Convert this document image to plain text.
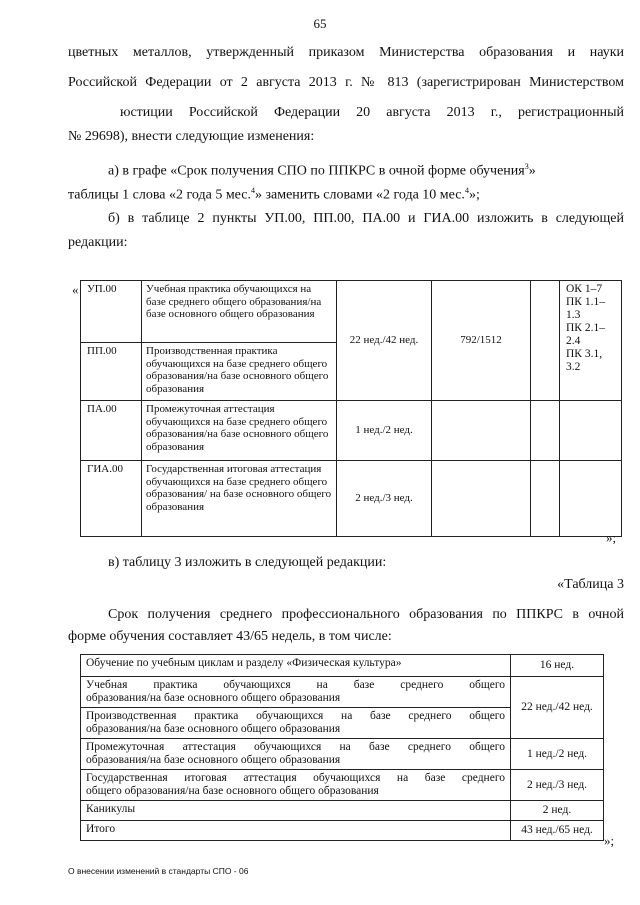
65
цветных металлов, утвержденный приказом Министерства образования и науки
Российской Федерации от 2 августа 2013 г. № 813 (зарегистрирован Министерством
юстиции Российской Федерации 20 августа 2013 г., регистрационный
№ 29698), внести следующие изменения:
а) в графе «Срок получения СПО по ППКРС в очной форме обучения$^3$»
таблицы 1 слова «2 года 5 мес.$^4$» заменить словами «2 года 10 мес.$^4$»;
б) в таблице 2 пункты УП.00, ПП.00, ПА.00 и ГИА.00 изложить в следующей
редакции:
« УП.00	Учебная практика обучающихся на базе среднего общего образования/на базе основного общего образования	22 нед./42 нед.	792/1512		ОК 1–7
ПК 1.1–1.3
ПК 2.1–2.4
ПК 3.1, 3.2

ПП.00	Производственная практика обучающихся на базе среднего общего образования/на базе основного общего образования				
ПА.00	Промежуточная аттестация обучающихся на базе среднего общего образования/на базе основного общего образования	1 нед./2 нед.			
ГИА.00	Государственная итоговая аттестация обучающихся на базе среднего общего образования/ на базе основного общего образования	2 нед./3 нед.			
»;
в) таблицу 3 изложить в следующей редакции:
«Таблица 3
Срок получения среднего профессионального образования по ППКРС в очной
форме обучения составляет 43/65 недель, в том числе:
Обучение по учебным циклам и разделу «Физическая культура»	16 нед.

Учебная практика обучающихся на базе среднего общего
образования/на базе основного общего образования	22 нед./42 нед.

Производственная практика обучающихся на базе среднего общего
образования/на базе основного общего образования	

Промежуточная аттестация обучающихся на базе среднего общего
образования/на базе основного общего образования	1 нед./2 нед.

Государственная итоговая аттестация обучающихся на базе среднего
общего образования/на базе основного общего образования	2 нед./3 нед.
Каникулы	2 нед.
Итого	43 нед./65 нед.
»;
О внесении изменений в стандарты СПО - 06
